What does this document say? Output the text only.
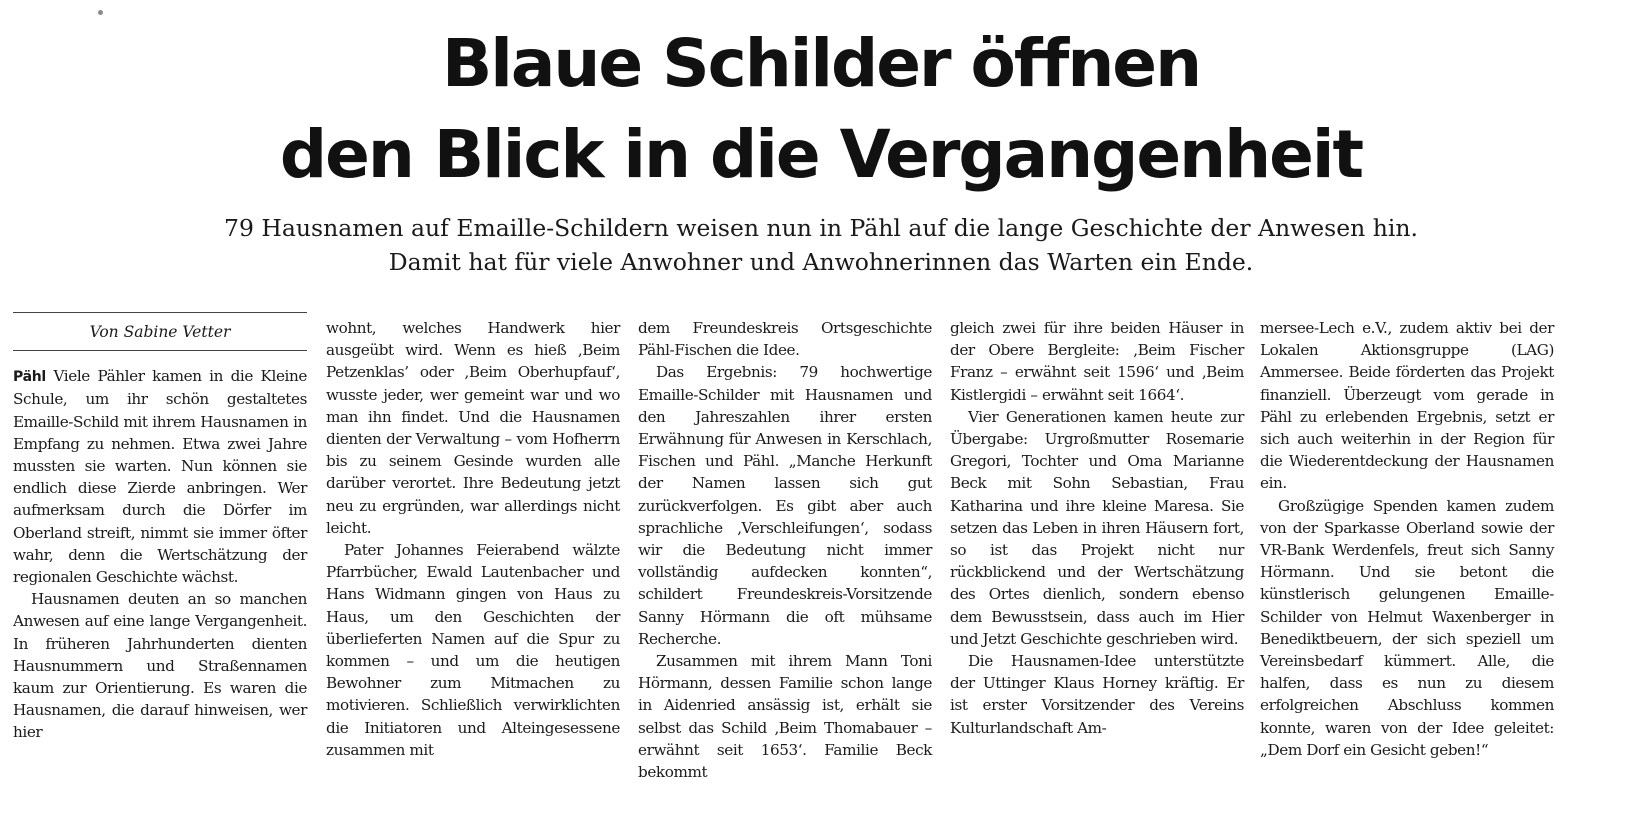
Blaue Schilder öffnen
den Blick in die Vergangenheit
79 Hausnamen auf Emaille-Schildern weisen nun in Pähl auf die lange Geschichte der Anwesen hin.
Damit hat für viele Anwohner und Anwohnerinnen das Warten ein Ende.
Von Sabine Vetter

Pähl Viele Pähler kamen in die Kleine Schule, um ihr schön gestaltetes Emaille-Schild mit ihrem Hausnamen in Empfang zu nehmen. Etwa zwei Jahre mussten sie warten. Nun können sie endlich diese Zierde anbringen. Wer aufmerksam durch die Dörfer im Oberland streift, nimmt sie immer öfter wahr, denn die Wertschätzung der regionalen Geschichte wächst.

Hausnamen deuten an so manchen Anwesen auf eine lange Vergangenheit. In früheren Jahrhunderten dienten Hausnummern und Straßennamen kaum zur Orientierung. Es waren die Hausnamen, die darauf hinweisen, wer hier

wohnt, welches Handwerk hier ausgeübt wird. Wenn es hieß ‚Beim Petzenklas’ oder ‚Beim Oberhupfauf‘, wusste jeder, wer gemeint war und wo man ihn findet. Und die Hausnamen dienten der Verwaltung – vom Hofherrn bis zu seinem Gesinde wurden alle darüber verortet. Ihre Bedeutung jetzt neu zu ergründen, war allerdings nicht leicht.

Pater Johannes Feierabend wälzte Pfarrbücher, Ewald Lautenbacher und Hans Widmann gingen von Haus zu Haus, um den Geschichten der überlieferten Namen auf die Spur zu kommen – und um die heutigen Bewohner zum Mitmachen zu motivieren. Schließlich verwirklichten die Initiatoren und Alteingesessene zusammen mit

dem Freundeskreis Ortsgeschichte Pähl-Fischen die Idee.

Das Ergebnis: 79 hochwertige Emaille-Schilder mit Hausnamen und den Jahreszahlen ihrer ersten Erwähnung für Anwesen in Kerschlach, Fischen und Pähl. „Manche Herkunft der Namen lassen sich gut zurückverfolgen. Es gibt aber auch sprachliche ‚Verschleifungen‘, sodass wir die Bedeutung nicht immer vollständig aufdecken konnten“, schildert Freundeskreis-Vorsitzende Sanny Hörmann die oft mühsame Recherche.

Zusammen mit ihrem Mann Toni Hörmann, dessen Familie schon lange in Aidenried ansässig ist, erhält sie selbst das Schild ‚Beim Thomabauer – erwähnt seit 1653‘. Familie Beck bekommt

gleich zwei für ihre beiden Häuser in der Obere Bergleite: ‚Beim Fischer Franz – erwähnt seit 1596‘ und ‚Beim Kistlergidi – erwähnt seit 1664‘.

Vier Generationen kamen heute zur Übergabe: Urgroßmutter Rosemarie Gregori, Tochter und Oma Marianne Beck mit Sohn Sebastian, Frau Katharina und ihre kleine Maresa. Sie setzen das Leben in ihren Häusern fort, so ist das Projekt nicht nur rückblickend und der Wertschätzung des Ortes dienlich, sondern ebenso dem Bewusstsein, dass auch im Hier und Jetzt Geschichte geschrieben wird.

Die Hausnamen-Idee unterstützte der Uttinger Klaus Horney kräftig. Er ist erster Vorsitzender des Vereins Kulturlandschaft Am-

mersee-Lech e.V., zudem aktiv bei der Lokalen Aktionsgruppe (LAG) Ammersee. Beide förderten das Projekt finanziell. Überzeugt vom gerade in Pähl zu erlebenden Ergebnis, setzt er sich auch weiterhin in der Region für die Wiederentdeckung der Hausnamen ein.

Großzügige Spenden kamen zudem von der Sparkasse Oberland sowie der VR-Bank Werdenfels, freut sich Sanny Hörmann. Und sie betont die künstlerisch gelungenen Emaille-Schilder von Helmut Waxenberger in Benediktbeuern, der sich speziell um Vereinsbedarf kümmert. Alle, die halfen, dass es nun zu diesem erfolgreichen Abschluss kommen konnte, waren von der Idee geleitet: „Dem Dorf ein Gesicht geben!“
